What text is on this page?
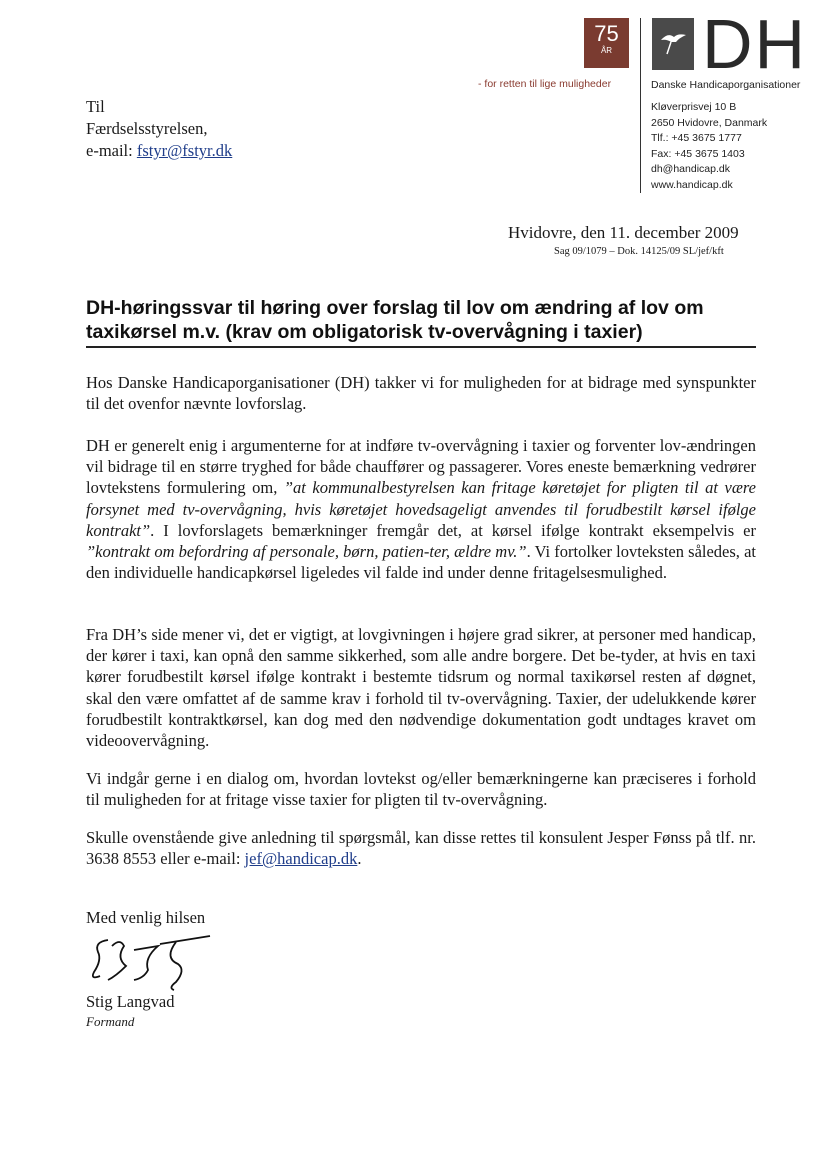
75
ÅR
- for retten til lige muligheder
DH
Danske Handicaporganisationer
Kløverprisvej 10 B
2650 Hvidovre, Danmark
Tlf.: +45 3675 1777
Fax: +45 3675 1403
dh@handicap.dk
www.handicap.dk
Til
Færdselsstyrelsen,
e-mail: fstyr@fstyr.dk
Hvidovre, den 11. december 2009
Sag 09/1079 – Dok. 14125/09 SL/jef/kft
DH-høringssvar til høring over forslag til lov om ændring af lov om taxikørsel m.v. (krav om obligatorisk tv-overvågning i taxier)

Hos Danske Handicaporganisationer (DH) takker vi for muligheden for at bidrage med synspunkter til det ovenfor nævnte lovforslag.

DH er generelt enig i argumenterne for at indføre tv-overvågning i taxier og forventer lov-ændringen vil bidrage til en større tryghed for både chauffører og passagerer. Vores eneste bemærkning vedrører lovtekstens formulering om, ”at kommunalbestyrelsen kan fritage køretøjet for pligten til at være forsynet med tv-overvågning, hvis køretøjet hovedsageligt anvendes til forudbestilt kørsel ifølge kontrakt”. I lovforslagets bemærkninger fremgår det, at kørsel ifølge kontrakt eksempelvis er ”kontrakt om befordring af personale, børn, patien-ter, ældre mv.”. Vi fortolker lovteksten således, at den individuelle handicapkørsel ligeledes vil falde ind under denne fritagelsesmulighed.

Fra DH’s side mener vi, det er vigtigt, at lovgivningen i højere grad sikrer, at personer med handicap, der kører i taxi, kan opnå den samme sikkerhed, som alle andre borgere. Det be-tyder, at hvis en taxi kører forudbestilt kørsel ifølge kontrakt i bestemte tidsrum og normal taxikørsel resten af døgnet, skal den være omfattet af de samme krav i forhold til tv-overvågning. Taxier, der udelukkende kører forudbestilt kontraktkørsel, kan dog med den nødvendige dokumentation godt undtages kravet om videoovervågning.

Vi indgår gerne i en dialog om, hvordan lovtekst og/eller bemærkningerne kan præciseres i forhold til muligheden for at fritage visse taxier for pligten til tv-overvågning.

Skulle ovenstående give anledning til spørgsmål, kan disse rettes til konsulent Jesper Fønss på tlf. nr. 3638 8553 eller e-mail: jef@handicap.dk.

Med venlig hilsen
Stig Langvad
Formand
